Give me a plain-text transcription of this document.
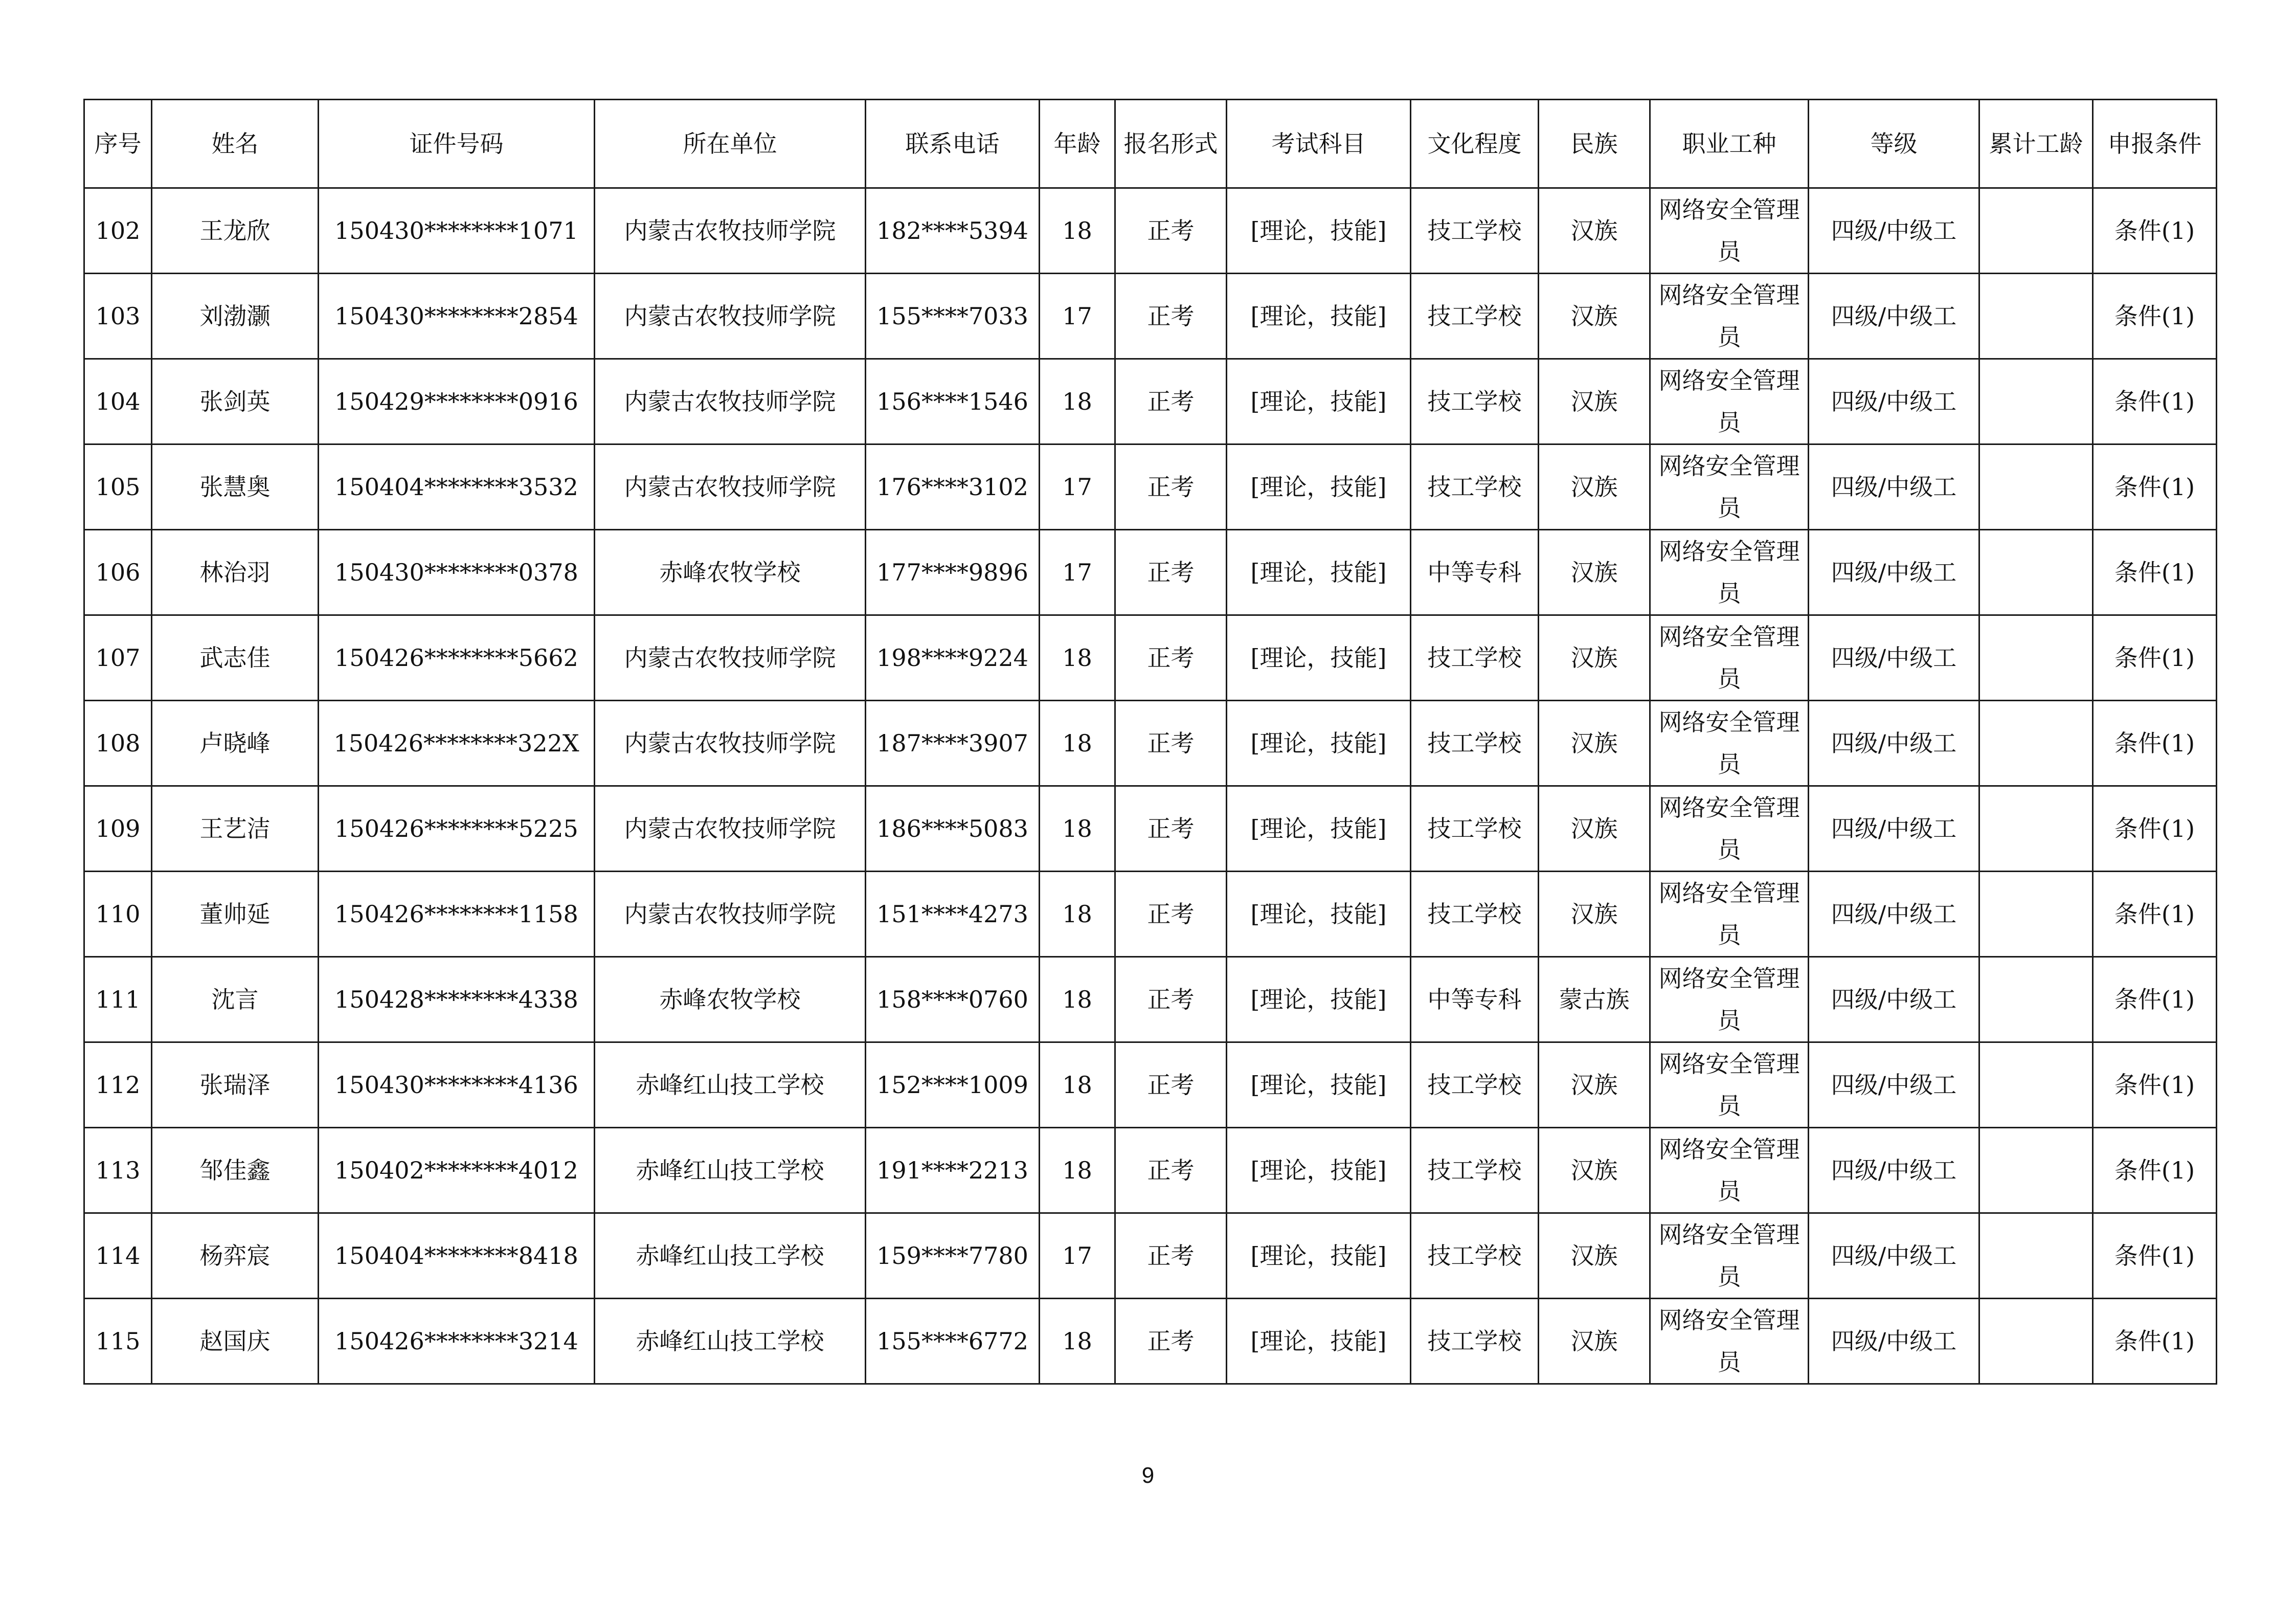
序号	姓名	证件号码	所在单位	联系电话	年龄	报名形式	考试科目	文化程度	民族	职业工种	等级	累计工龄	申报条件
102	王龙欣	150430********1071	内蒙古农牧技师学院	182****5394	18	正考	[理论，技能]	技工学校	汉族	网络安全管理员	四级/中级工		条件(1)
103	刘渤灏	150430********2854	内蒙古农牧技师学院	155****7033	17	正考	[理论，技能]	技工学校	汉族	网络安全管理员	四级/中级工		条件(1)
104	张剑英	150429********0916	内蒙古农牧技师学院	156****1546	18	正考	[理论，技能]	技工学校	汉族	网络安全管理员	四级/中级工		条件(1)
105	张慧奥	150404********3532	内蒙古农牧技师学院	176****3102	17	正考	[理论，技能]	技工学校	汉族	网络安全管理员	四级/中级工		条件(1)
106	林治羽	150430********0378	赤峰农牧学校	177****9896	17	正考	[理论，技能]	中等专科	汉族	网络安全管理员	四级/中级工		条件(1)
107	武志佳	150426********5662	内蒙古农牧技师学院	198****9224	18	正考	[理论，技能]	技工学校	汉族	网络安全管理员	四级/中级工		条件(1)
108	卢晓峰	150426********322X	内蒙古农牧技师学院	187****3907	18	正考	[理论，技能]	技工学校	汉族	网络安全管理员	四级/中级工		条件(1)
109	王艺洁	150426********5225	内蒙古农牧技师学院	186****5083	18	正考	[理论，技能]	技工学校	汉族	网络安全管理员	四级/中级工		条件(1)
110	董帅延	150426********1158	内蒙古农牧技师学院	151****4273	18	正考	[理论，技能]	技工学校	汉族	网络安全管理员	四级/中级工		条件(1)
111	沈言	150428********4338	赤峰农牧学校	158****0760	18	正考	[理论，技能]	中等专科	蒙古族	网络安全管理员	四级/中级工		条件(1)
112	张瑞泽	150430********4136	赤峰红山技工学校	152****1009	18	正考	[理论，技能]	技工学校	汉族	网络安全管理员	四级/中级工		条件(1)
113	邹佳鑫	150402********4012	赤峰红山技工学校	191****2213	18	正考	[理论，技能]	技工学校	汉族	网络安全管理员	四级/中级工		条件(1)
114	杨弈宸	150404********8418	赤峰红山技工学校	159****7780	17	正考	[理论，技能]	技工学校	汉族	网络安全管理员	四级/中级工		条件(1)
115	赵国庆	150426********3214	赤峰红山技工学校	155****6772	18	正考	[理论，技能]	技工学校	汉族	网络安全管理员	四级/中级工		条件(1)
9
